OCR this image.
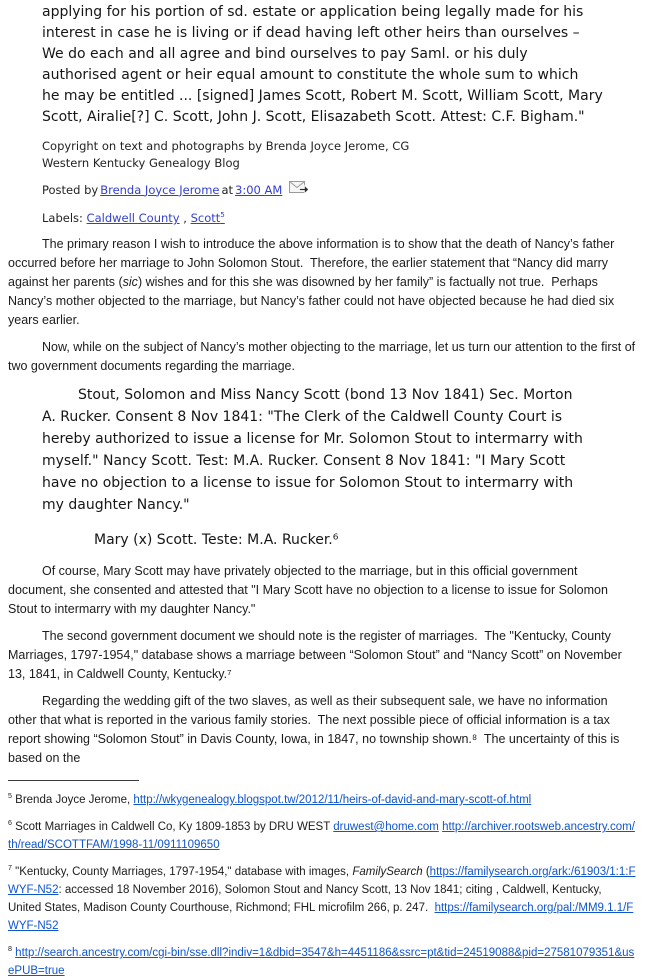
applying for his portion of sd. estate or application being legally made for his
interest in case he is living or if dead having left other heirs than ourselves –
We do each and all agree and bind ourselves to pay Saml. or his duly
authorised agent or heir equal amount to constitute the whole sum to which
he may be entitled ... [signed] James Scott, Robert M. Scott, William Scott, Mary
Scott, Airalie[?] C. Scott, John J. Scott, Elisazabeth Scott. Attest: C.F. Bigham."
Copyright on text and photographs by Brenda Joyce Jerome, CG
Western Kentucky Genealogy Blog
Posted by Brenda Joyce Jerome at 3:00 AM
Labels: Caldwell County , Scott$^5$

The primary reason I wish to introduce the above information is to show that the death of Nancy’s father occurred before her marriage to John Solomon Stout.  Therefore, the earlier statement that “Nancy did marry against her parents (sic) wishes and for this she was disowned by her family” is factually not true.  Perhaps Nancy’s mother objected to the marriage, but Nancy’s father could not have objected because he had died six years earlier.

Now, while on the subject of Nancy’s mother objecting to the marriage, let us turn our attention to the first of two government documents regarding the marriage.

Stout, Solomon and Miss Nancy Scott (bond 13 Nov 1841) Sec. Morton
A. Rucker. Consent 8 Nov 1841: "The Clerk of the Caldwell County Court is
hereby authorized to issue a license for Mr. Solomon Stout to intermarry with
myself." Nancy Scott. Test: M.A. Rucker. Consent 8 Nov 1841: "I Mary Scott
have no objection to a license to issue for Solomon Stout to intermarry with
my daughter Nancy."
Mary (x) Scott. Teste: M.A. Rucker.⁶

Of course, Mary Scott may have privately objected to the marriage, but in this official government document, she consented and attested that "I Mary Scott have no objection to a license to issue for Solomon Stout to intermarry with my daughter Nancy."

The second government document we should note is the register of marriages.  The "Kentucky, County Marriages, 1797-1954," database shows a marriage between “Solomon Stout” and “Nancy Scott” on November 13, 1841, in Caldwell County, Kentucky.⁷

Regarding the wedding gift of the two slaves, as well as their subsequent sale, we have no information other that what is reported in the various family stories.  The next possible piece of official information is a tax report showing “Solomon Stout” in Davis County, Iowa, in 1847, no township shown.⁸  The uncertainty of this is based on the

$^5$ Brenda Joyce Jerome, http://wkygenealogy.blogspot.tw/2012/11/heirs-of-david-and-mary-scott-of.html

$^6$ Scott Marriages in Caldwell Co, Ky 1809-1853 by DRU WEST druwest@home.com http://archiver.rootsweb.ancestry.com/th/read/SCOTTFAM/1998-11/0911109650

$^7$ "Kentucky, County Marriages, 1797-1954," database with images, FamilySearch (https://familysearch.org/ark:/61903/1:1:FWYF-N52: accessed 18 November 2016), Solomon Stout and Nancy Scott, 13 Nov 1841; citing , Caldwell, Kentucky, United States, Madison County Courthouse, Richmond; FHL microfilm 266, p. 247.  https://familysearch.org/pal:/MM9.1.1/FWYF-N52

$^8$ http://search.ancestry.com/cgi-bin/sse.dll?indiv=1&dbid=3547&h=4451186&ssrc=pt&tid=24519088&pid=27581079351&usePUB=true
